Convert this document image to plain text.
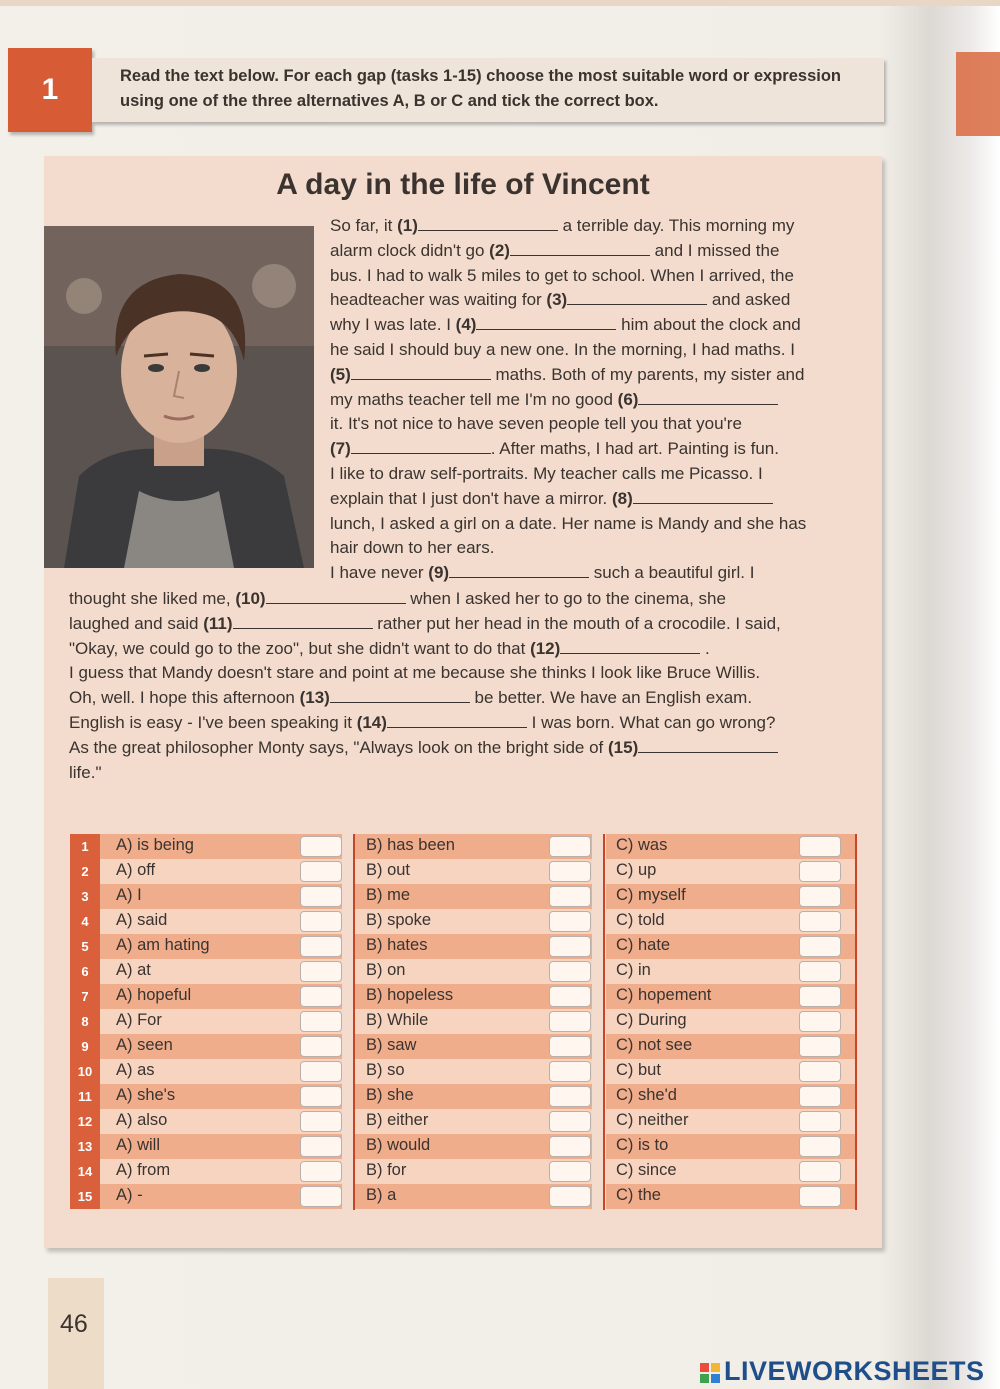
1	Read the text below. For each gap (tasks 1-15) choose the most suitable word or expression using one of the three alternatives A, B or C and tick the correct box.
A day in the life of Vincent
So far, it (1)	a terrible day. This morning my
alarm clock didn't go (2)	and I missed the
bus. I had to walk 5 miles to get to school. When I arrived, the
headteacher was waiting for (3)	and asked
why I was late. I (4)	him about the clock and
he said I should buy a new one. In the morning, I had maths. I
(5)	maths. Both of my parents, my sister and
my maths teacher tell me I'm no good (6)
it. It's not nice to have seven people tell you that you're
(7)	. After maths, I had art. Painting is fun.
I like to draw self-portraits. My teacher calls me Picasso. I
explain that I just don't have a mirror. (8)
lunch, I asked a girl on a date. Her name is Mandy and she has
hair down to her ears.
I have never (9)	such a beautiful girl. I
thought she liked me, (10)	when I asked her to go to the cinema, she
laughed and said (11)	rather put her head in the mouth of a crocodile. I said,
"Okay, we could go to the zoo", but she didn't want to do that (12)	.
I guess that Mandy doesn't stare and point at me because she thinks I look like Bruce Willis.
Oh, well. I hope this afternoon (13)	be better. We have an English exam.
English is easy - I've been speaking it (14)	I was born. What can go wrong?
As the great philosopher Monty says, "Always look on the bright side of (15)
life."
1	A) is being	B) has been	C) was
2	A) off	B) out	C) up
3	A) I	B) me	C) myself
4	A) said	B) spoke	C) told
5	A) am hating	B) hates	C) hate
6	A) at	B) on	C) in
7	A) hopeful	B) hopeless	C) hopement
8	A) For	B) While	C) During
9	A) seen	B) saw	C) not see
10	A) as	B) so	C) but
11	A) she's	B) she	C) she'd
12	A) also	B) either	C) neither
13	A) will	B) would	C) is to
14	A) from	B) for	C) since
15	A) -	B) a	C) the
46
LIVEWORKSHEETS
